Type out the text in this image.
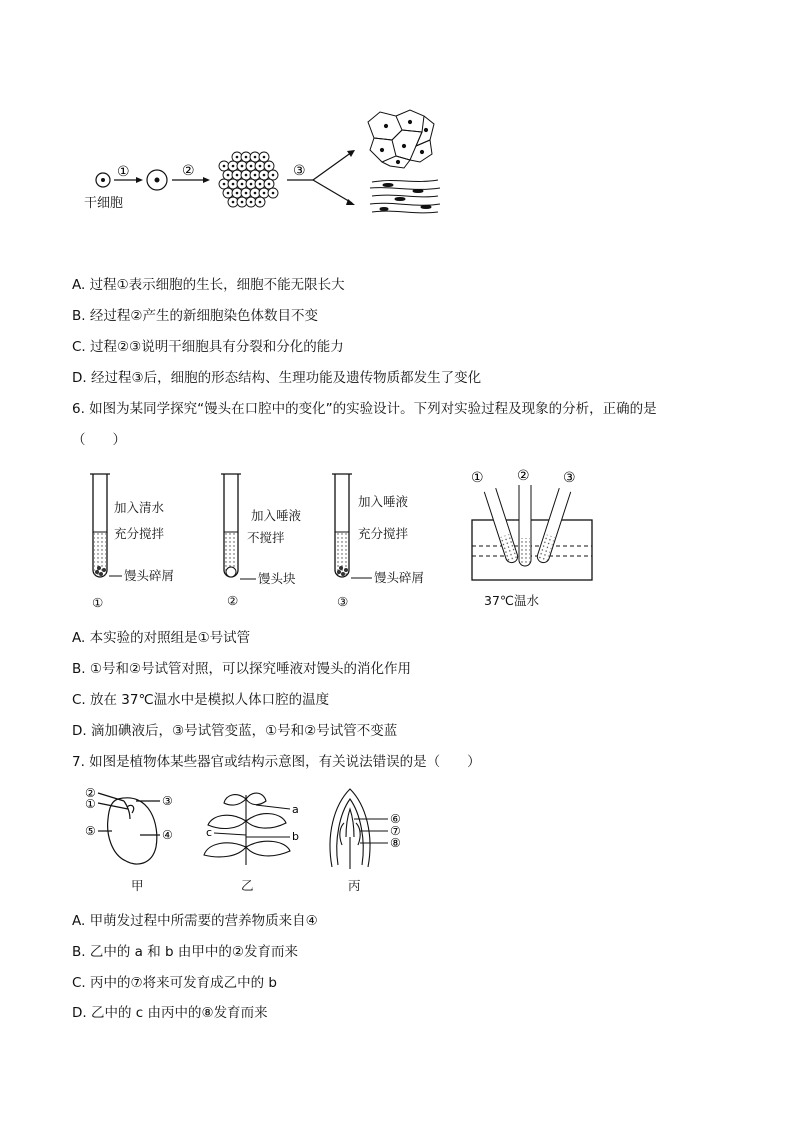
①	②	③
干细胞
A. 过程①表示细胞的生长，细胞不能无限长大
B. 经过程②产生的新细胞染色体数目不变
C. 过程②③说明干细胞具有分裂和分化的能力
D. 经过程③后，细胞的形态结构、生理功能及遗传物质都发生了变化
6. 如图为某同学探究“馒头在口腔中的变化”的实验设计。下列对实验过程及现象的分析，正确的是
（　　）
① ② ③
加入清水
充分搅拌
馒头碎屑
①
加入唾液
不搅拌
馒头块
②
加入唾液
充分搅拌
馒头碎屑
③	37℃温水
A. 本实验的对照组是①号试管
B. ①号和②号试管对照，可以探究唾液对馒头的消化作用
C. 放在 37℃温水中是模拟人体口腔的温度
D. 滴加碘液后，③号试管变蓝，①号和②号试管不变蓝
7. 如图是植物体某些器官或结构示意图，有关说法错误的是（　　）
②
①	③
⑤	④
a
c	b
⑥
⑦
⑧
甲	乙	丙
A. 甲萌发过程中所需要的营养物质来自④
B. 乙中的 a 和 b 由甲中的②发育而来
C. 丙中的⑦将来可发育成乙中的 b
D. 乙中的 c 由丙中的⑧发育而来
